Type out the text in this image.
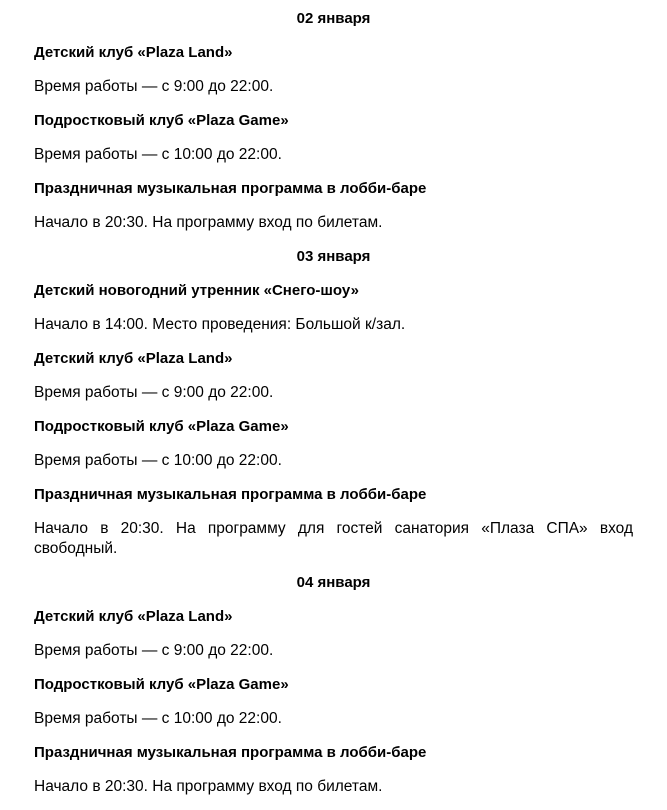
02 января
Детский клуб «Plaza Land»
Время работы — с 9:00 до 22:00.
Подростковый клуб «Plaza Game»
Время работы — с 10:00 до 22:00.
Праздничная музыкальная программа в лобби-баре
Начало в 20:30. На программу вход по билетам.
03 января
Детский новогодний утренник «Снего-шоу»
Начало в 14:00. Место проведения: Большой к/зал.
Детский клуб «Plaza Land»
Время работы — с 9:00 до 22:00.
Подростковый клуб «Plaza Game»
Время работы — с 10:00 до 22:00.
Праздничная музыкальная программа в лобби-баре
Начало в 20:30. На программу для гостей санатория «Плаза СПА» вход свободный.
04 января
Детский клуб «Plaza Land»
Время работы — с 9:00 до 22:00.
Подростковый клуб «Plaza Game»
Время работы — с 10:00 до 22:00.
Праздничная музыкальная программа в лобби-баре
Начало в 20:30. На программу вход по билетам.
